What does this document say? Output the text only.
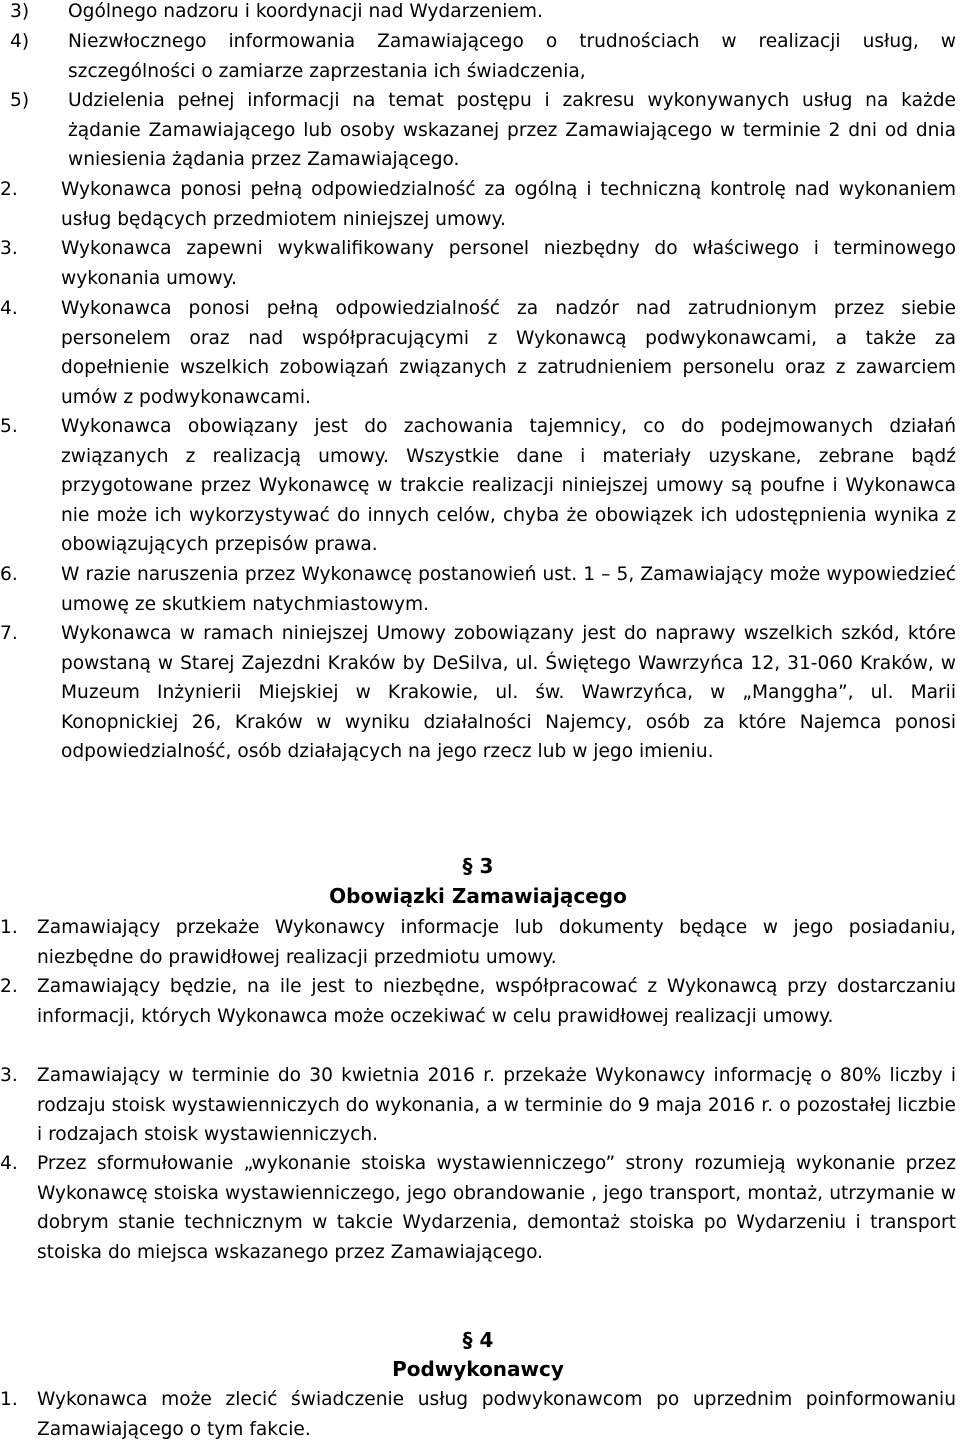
3) Ogólnego nadzoru i koordynacji nad Wydarzeniem.
4) Niezwłocznego informowania Zamawiającego o trudnościach w realizacji usług, w szczególności o zamiarze zaprzestania ich świadczenia,
5) Udzielenia pełnej informacji na temat postępu i zakresu wykonywanych usług na każde żądanie Zamawiającego lub osoby wskazanej przez Zamawiającego w terminie 2 dni od dnia wniesienia żądania przez Zamawiającego.
2. Wykonawca ponosi pełną odpowiedzialność za ogólną i techniczną kontrolę nad wykonaniem usług będących przedmiotem niniejszej umowy.
3. Wykonawca zapewni wykwalifikowany personel niezbędny do właściwego i terminowego wykonania umowy.
4. Wykonawca ponosi pełną odpowiedzialność za nadzór nad zatrudnionym przez siebie personelem oraz nad współpracującymi z Wykonawcą podwykonawcami, a także za dopełnienie wszelkich zobowiązań związanych z zatrudnieniem personelu oraz z zawarciem umów z podwykonawcami.
5. Wykonawca obowiązany jest do zachowania tajemnicy, co do podejmowanych działań związanych z realizacją umowy. Wszystkie dane i materiały uzyskane, zebrane bądź przygotowane przez Wykonawcę w trakcie realizacji niniejszej umowy są poufne i Wykonawca nie może ich wykorzystywać do innych celów, chyba że obowiązek ich udostępnienia wynika z obowiązujących przepisów prawa.
6. W razie naruszenia przez Wykonawcę postanowień ust. 1 – 5, Zamawiający może wypowiedzieć umowę ze skutkiem natychmiastowym.
7. Wykonawca w ramach niniejszej Umowy zobowiązany jest do naprawy wszelkich szkód, które powstaną w Starej Zajezdni Kraków by DeSilva, ul. Świętego Wawrzyńca 12, 31-060 Kraków, w Muzeum Inżynierii Miejskiej w Krakowie, ul. św. Wawrzyńca, w „Manggha”, ul. Marii Konopnickiej 26, Kraków w wyniku działalności Najemcy, osób za które Najemca ponosi odpowiedzialność, osób działających na jego rzecz lub w jego imieniu.
§ 3
Obowiązki Zamawiającego
1. Zamawiający przekaże Wykonawcy informacje lub dokumenty będące w jego posiadaniu, niezbędne do prawidłowej realizacji przedmiotu umowy.
2. Zamawiający będzie, na ile jest to niezbędne, współpracować z Wykonawcą przy dostarczaniu informacji, których Wykonawca może oczekiwać w celu prawidłowej realizacji umowy.
3. Zamawiający w terminie do 30 kwietnia 2016 r. przekaże Wykonawcy informację o 80% liczby i rodzaju stoisk wystawienniczych do wykonania, a w terminie do 9 maja 2016 r. o pozostałej liczbie i rodzajach stoisk wystawienniczych.
4. Przez sformułowanie „wykonanie stoiska wystawienniczego” strony rozumieją wykonanie przez Wykonawcę stoiska wystawienniczego, jego obrandowanie , jego transport, montaż, utrzymanie w dobrym stanie technicznym w takcie Wydarzenia, demontaż stoiska po Wydarzeniu i transport stoiska do miejsca wskazanego przez Zamawiającego.
§ 4
Podwykonawcy
1. Wykonawca może zlecić świadczenie usług podwykonawcom po uprzednim poinformowaniu Zamawiającego o tym fakcie.
